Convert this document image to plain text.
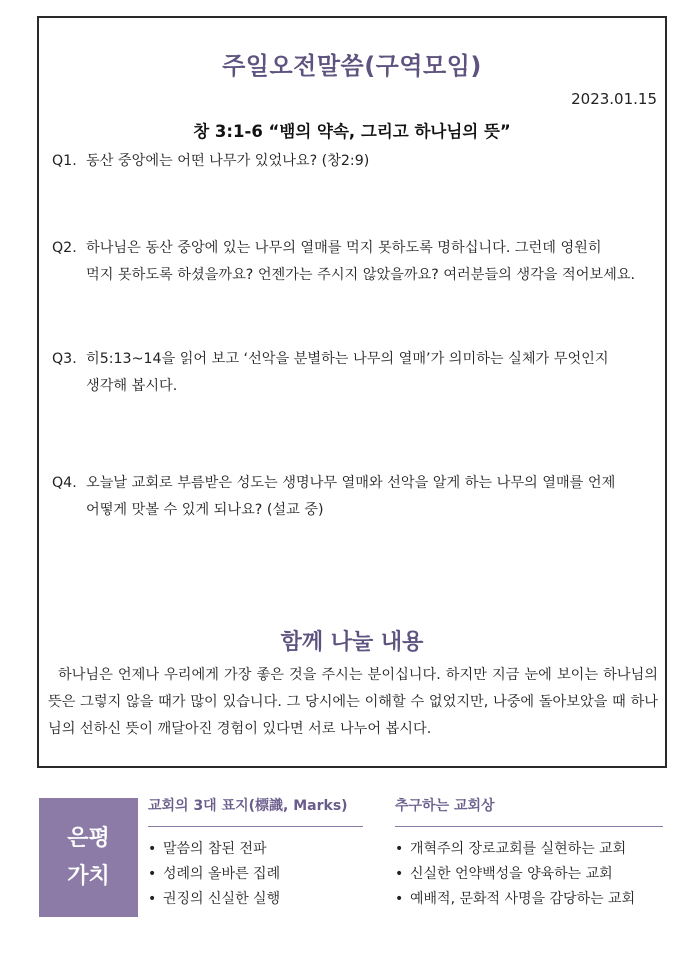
주일오전말씀(구역모임)
2023.01.15
창 3:1-6 “뱀의 약속, 그리고 하나님의 뜻”
Q1. 동산 중앙에는 어떤 나무가 있었나요? (창2:9)
Q2. 하나님은 동산 중앙에 있는 나무의 열매를 먹지 못하도록 명하십니다. 그런데 영원히
먹지 못하도록 하셨을까요? 언젠가는 주시지 않았을까요? 여러분들의 생각을 적어보세요.
Q3. 히5:13~14을 읽어 보고 ‘선악을 분별하는 나무의 열매’가 의미하는 실체가 무엇인지
생각해 봅시다.
Q4. 오늘날 교회로 부름받은 성도는 생명나무 열매와 선악을 알게 하는 나무의 열매를 언제
어떻게 맛볼 수 있게 되나요? (설교 중)
함께 나눌 내용
하나님은 언제나 우리에게 가장 좋은 것을 주시는 분이십니다. 하지만 지금 눈에 보이는 하나님의 뜻은 그렇지 않을 때가 많이 있습니다. 그 당시에는 이해할 수 없었지만, 나중에 돌아보았을 때 하나님의 선하신 뜻이 깨달아진 경험이 있다면 서로 나누어 봅시다.
은평
가치
교회의 3대 표지(標識, Marks)
• 말씀의 참된 전파
• 성례의 올바른 집례
• 권징의 신실한 실행
추구하는 교회상
• 개혁주의 장로교회를 실현하는 교회
• 신실한 언약백성을 양육하는 교회
• 예배적, 문화적 사명을 감당하는 교회
